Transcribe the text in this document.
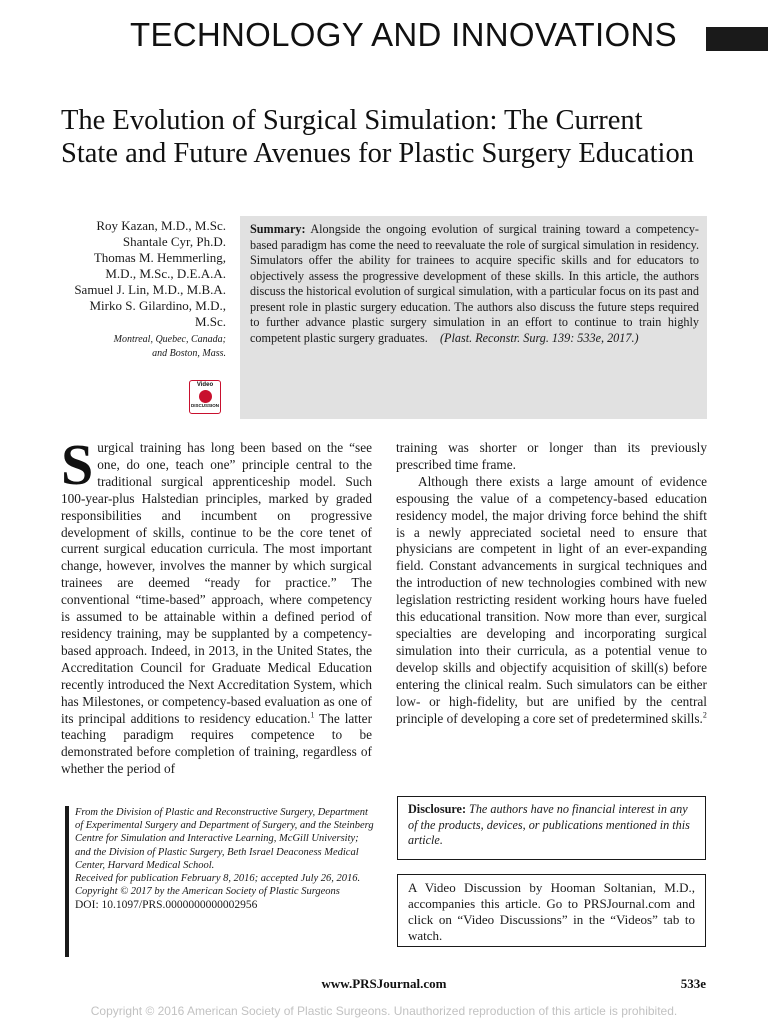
TECHNOLOGY AND INNOVATIONS
The Evolution of Surgical Simulation: The Current State and Future Avenues for Plastic Surgery Education
Roy Kazan, M.D., M.Sc.
Shantale Cyr, Ph.D.
Thomas M. Hemmerling,
M.D., M.Sc., D.E.A.A.
Samuel J. Lin, M.D., M.B.A.
Mirko S. Gilardino, M.D.,
M.Sc.
Montreal, Quebec, Canada;
and Boston, Mass.
Video
DISCUSSION
Summary: Alongside the ongoing evolution of surgical training toward a competency-based paradigm has come the need to reevaluate the role of surgical simulation in residency. Simulators offer the ability for trainees to acquire specific skills and for educators to objectively assess the progressive development of these skills. In this article, the authors discuss the historical evolution of surgical simulation, with a particular focus on its past and present role in plastic surgery education. The authors also discuss the future steps required to further advance plastic surgery simulation in an effort to continue to train highly competent plastic surgery graduates. (Plast. Reconstr. Surg. 139: 533e, 2017.)

Surgical training has long been based on the “see one, do one, teach one” principle central to the traditional surgical apprenticeship model. Such 100-year-plus Halstedian principles, marked by graded responsibilities and incumbent on progressive development of skills, continue to be the core tenet of current surgical education curricula. The most important change, however, involves the manner by which surgical trainees are deemed “ready for practice.” The conventional “time-based” approach, where competency is assumed to be attainable within a defined period of residency training, may be supplanted by a competency-based approach. Indeed, in 2013, in the United States, the Accreditation Council for Graduate Medical Education recently introduced the Next Accreditation System, which has Milestones, or competency-based evaluation as one of its principal additions to residency education.$^1$ The latter teaching paradigm requires competence to be demonstrated before completion of training, regardless of whether the period of

training was shorter or longer than its previously prescribed time frame.

Although there exists a large amount of evidence espousing the value of a competency-based education residency model, the major driving force behind the shift is a newly appreciated societal need to ensure that physicians are competent in light of an ever-expanding field. Constant advancements in surgical techniques and the introduction of new technologies combined with new legislation restricting resident working hours have fueled this educational transition. Now more than ever, surgical specialties are developing and incorporating surgical simulation into their curricula, as a potential venue to develop skills and objectify acquisition of skill(s) before entering the clinical realm. Such simulators can be either low- or high-fidelity, but are unified by the central principle of developing a core set of predetermined skills.$^2$

From the Division of Plastic and Reconstructive Surgery, Department of Experimental Surgery and Department of Surgery, and the Steinberg Centre for Simulation and Interactive Learning, McGill University; and the Division of Plastic Surgery, Beth Israel Deaconess Medical Center, Harvard Medical School.

Received for publication February 8, 2016; accepted July 26, 2016.

Copyright © 2017 by the American Society of Plastic Surgeons

DOI: 10.1097/PRS.0000000000002956

Disclosure: The authors have no financial interest in any of the products, devices, or publications mentioned in this article.
A Video Discussion by Hooman Soltanian, M.D., accompanies this article. Go to PRSJournal.com and click on “Video Discussions” in the “Videos” tab to watch.
www.PRSJournal.com	533e
Copyright © 2016 American Society of Plastic Surgeons. Unauthorized reproduction of this article is prohibited.
